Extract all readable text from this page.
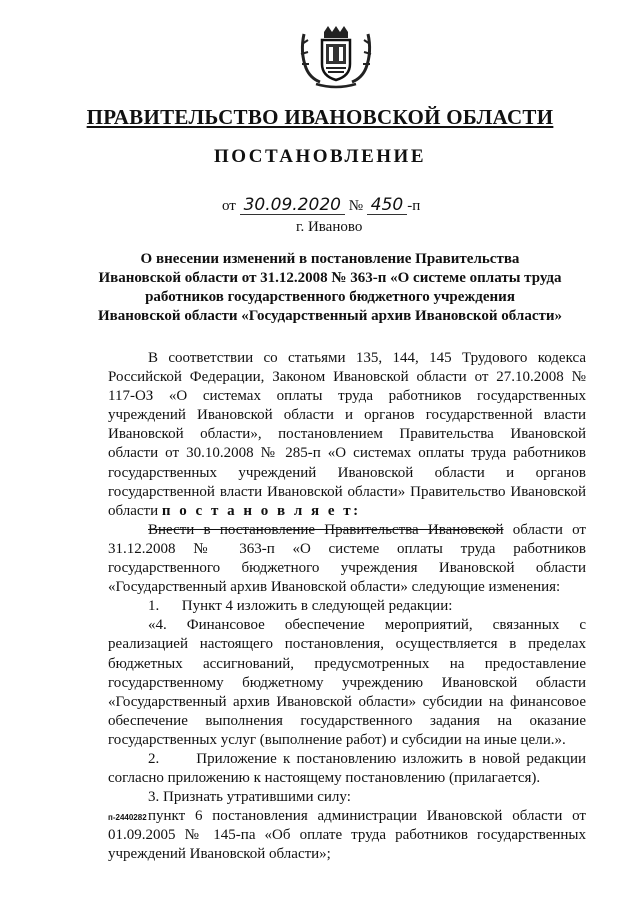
ПРАВИТЕЛЬСТВО ИВАНОВСКОЙ ОБЛАСТИ
ПОСТАНОВЛЕНИЕ
от 30.09.2020 № 450 -п
г. Иваново
О внесении изменений в постановление Правительства
Ивановской области от 31.12.2008 № 363-п «О системе оплаты труда
работников государственного бюджетного учреждения
Ивановской области «Государственный архив Ивановской области»

В соответствии со статьями 135, 144, 145 Трудового кодекса Российской Федерации, Законом Ивановской области от 27.10.2008 № 117-ОЗ «О системах оплаты труда работников государственных учреждений Ивановской области и органов государственной власти Ивановской области», постановлением Правительства Ивановской области от 30.10.2008 № 285-п «О системах оплаты труда работников государственных учреждений Ивановской области и органов государственной власти Ивановской области» Правительство Ивановской области п о с т а н о в л я е т:

Внести в постановление Правительства Ивановской области от 31.12.2008 № 363-п «О системе оплаты труда работников государственного бюджетного учреждения Ивановской области «Государственный архив Ивановской области» следующие изменения:

1.      Пункт 4 изложить в следующей редакции:

«4. Финансовое обеспечение мероприятий, связанных с реализацией настоящего постановления, осуществляется в пределах бюджетных ассигнований, предусмотренных на предоставление государственному бюджетному учреждению Ивановской области «Государственный архив Ивановской области» субсидии на финансовое обеспечение выполнения государственного задания на оказание государственных услуг (выполнение работ) и субсидии на иные цели.».

2.      Приложение к постановлению изложить в новой редакции согласно приложению к настоящему постановлению (прилагается).

3. Признать утратившими силу:

пункт 6 постановления администрации Ивановской области от 01.09.2005 № 145-па «Об оплате труда работников государственных учреждений Ивановской области»;

п-2440282
